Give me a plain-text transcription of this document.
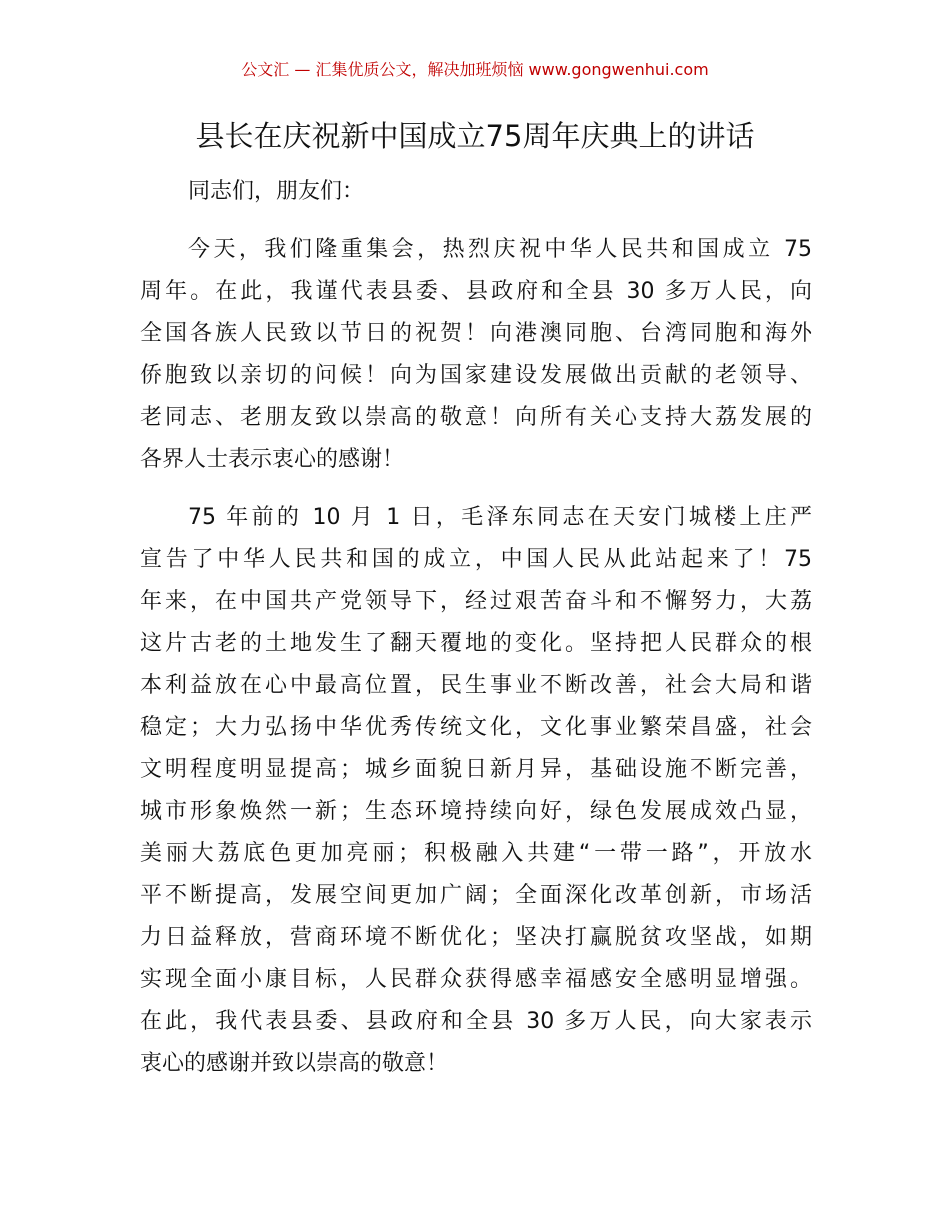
公文汇 — 汇集优质公文，解决加班烦恼 www.gongwenhui.com
县长在庆祝新中国成立75周年庆典上的讲话

同志们，朋友们：

今天，我们隆重集会，热烈庆祝中华人民共和国成立 75
周年。在此，我谨代表县委、县政府和全县 30 多万人民，向
全国各族人民致以节日的祝贺！向港澳同胞、台湾同胞和海外
侨胞致以亲切的问候！向为国家建设发展做出贡献的老领导、
老同志、老朋友致以崇高的敬意！向所有关心支持大荔发展的
各界人士表示衷心的感谢！
75 年前的 10 月 1 日，毛泽东同志在天安门城楼上庄严
宣告了中华人民共和国的成立，中国人民从此站起来了！75
年来，在中国共产党领导下，经过艰苦奋斗和不懈努力，大荔
这片古老的土地发生了翻天覆地的变化。坚持把人民群众的根
本利益放在心中最高位置，民生事业不断改善，社会大局和谐
稳定；大力弘扬中华优秀传统文化，文化事业繁荣昌盛，社会
文明程度明显提高；城乡面貌日新月异，基础设施不断完善，
城市形象焕然一新；生态环境持续向好，绿色发展成效凸显，
美丽大荔底色更加亮丽；积极融入共建“一带一路”，开放水
平不断提高，发展空间更加广阔；全面深化改革创新，市场活
力日益释放，营商环境不断优化；坚决打赢脱贫攻坚战，如期
实现全面小康目标，人民群众获得感幸福感安全感明显增强。
在此，我代表县委、县政府和全县 30 多万人民，向大家表示
衷心的感谢并致以崇高的敬意！
